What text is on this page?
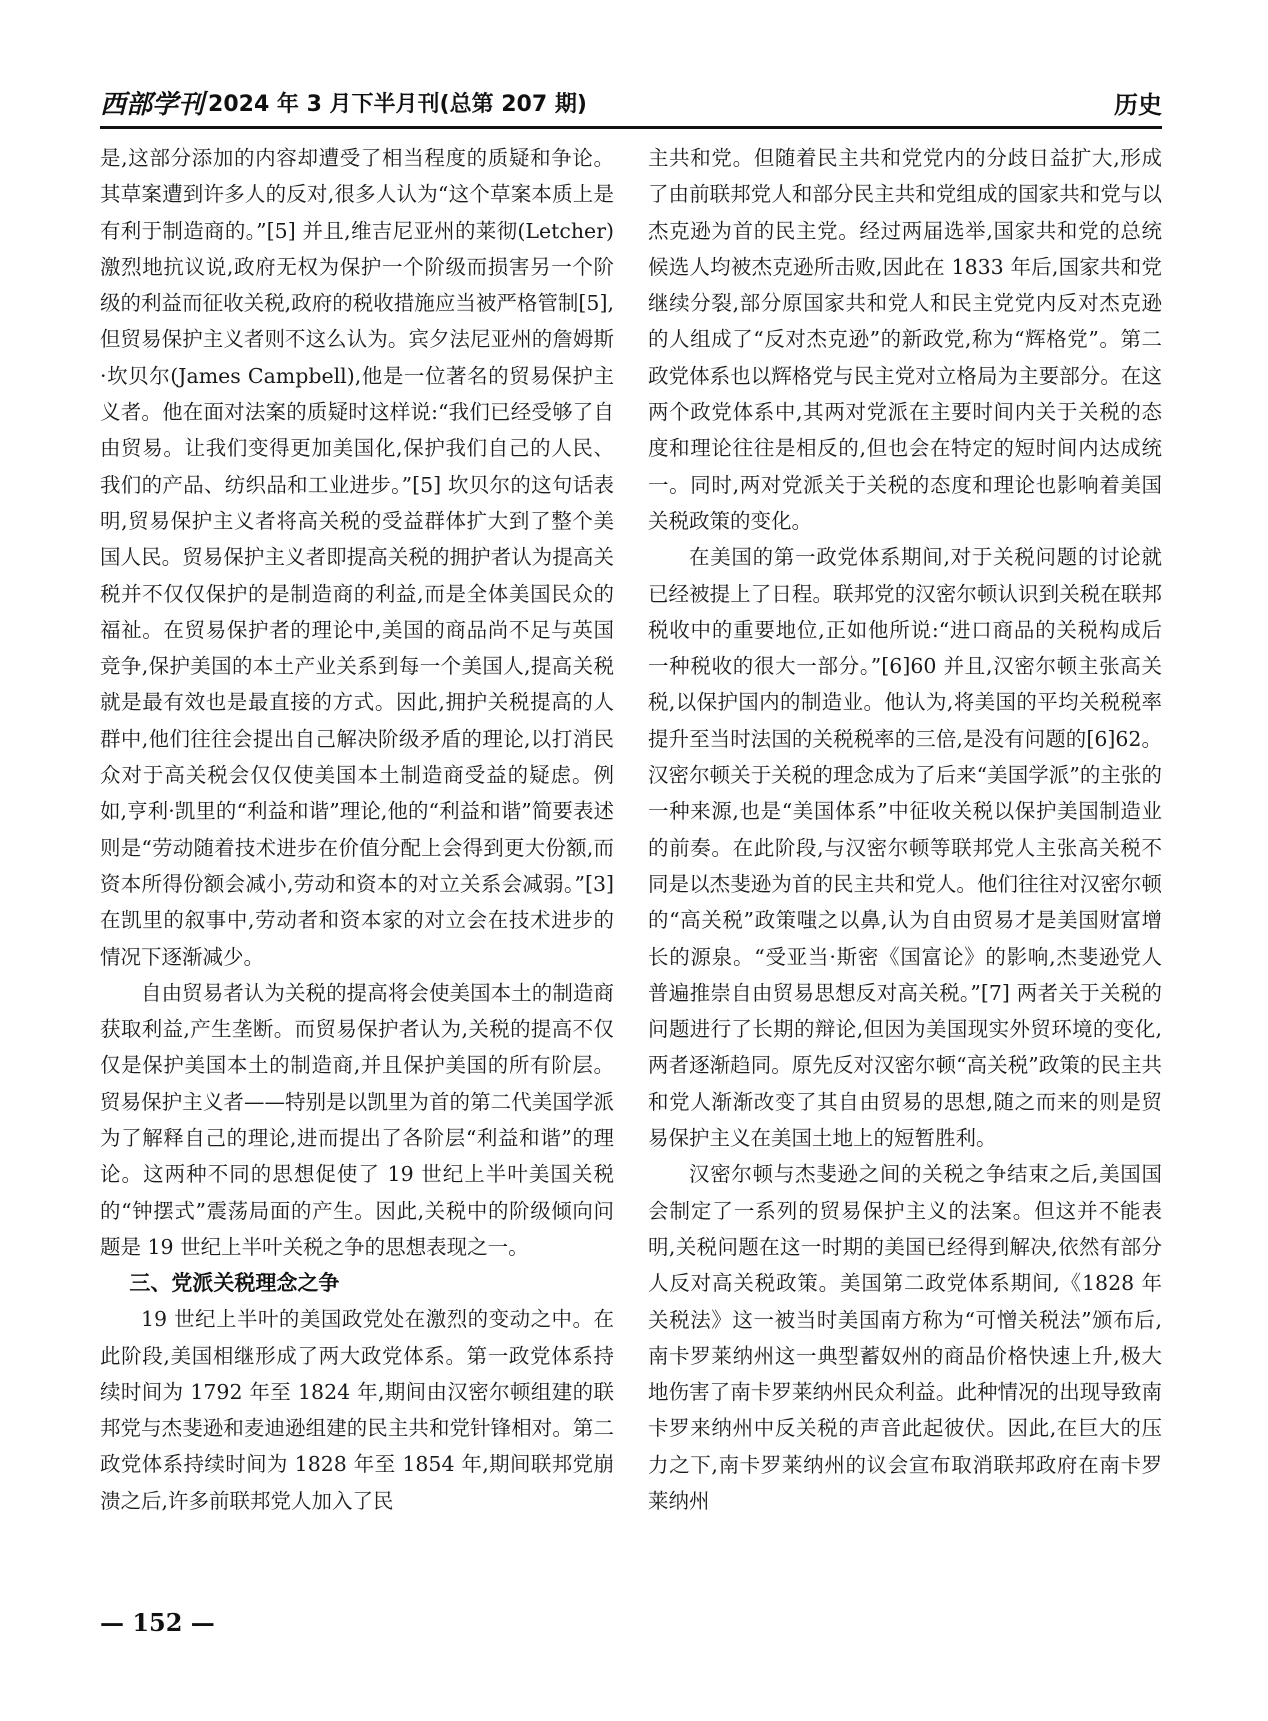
西部学刊 2024 年 3 月下半月刊(总第 207 期)	历史

是,这部分添加的内容却遭受了相当程度的质疑和争论。其草案遭到许多人的反对,很多人认为“这个草案本质上是有利于制造商的。”[5] 并且,维吉尼亚州的莱彻(Letcher)激烈地抗议说,政府无权为保护一个阶级而损害另一个阶级的利益而征收关税,政府的税收措施应当被严格管制[5],但贸易保护主义者则不这么认为。宾夕法尼亚州的詹姆斯·坎贝尔(James Campbell),他是一位著名的贸易保护主义者。他在面对法案的质疑时这样说:“我们已经受够了自由贸易。让我们变得更加美国化,保护我们自己的人民、我们的产品、纺织品和工业进步。”[5] 坎贝尔的这句话表明,贸易保护主义者将高关税的受益群体扩大到了整个美国人民。贸易保护主义者即提高关税的拥护者认为提高关税并不仅仅保护的是制造商的利益,而是全体美国民众的福祉。在贸易保护者的理论中,美国的商品尚不足与英国竞争,保护美国的本土产业关系到每一个美国人,提高关税就是最有效也是最直接的方式。因此,拥护关税提高的人群中,他们往往会提出自己解决阶级矛盾的理论,以打消民众对于高关税会仅仅使美国本土制造商受益的疑虑。例如,亨利·凯里的“利益和谐”理论,他的“利益和谐”简要表述则是“劳动随着技术进步在价值分配上会得到更大份额,而资本所得份额会减小,劳动和资本的对立关系会减弱。”[3] 在凯里的叙事中,劳动者和资本家的对立会在技术进步的情况下逐渐减少。

自由贸易者认为关税的提高将会使美国本土的制造商获取利益,产生垄断。而贸易保护者认为,关税的提高不仅仅是保护美国本土的制造商,并且保护美国的所有阶层。贸易保护主义者——特别是以凯里为首的第二代美国学派为了解释自己的理论,进而提出了各阶层“利益和谐”的理论。这两种不同的思想促使了 19 世纪上半叶美国关税的“钟摆式”震荡局面的产生。因此,关税中的阶级倾向问题是 19 世纪上半叶关税之争的思想表现之一。

三、党派关税理念之争

19 世纪上半叶的美国政党处在激烈的变动之中。在此阶段,美国相继形成了两大政党体系。第一政党体系持续时间为 1792 年至 1824 年,期间由汉密尔顿组建的联邦党与杰斐逊和麦迪逊组建的民主共和党针锋相对。第二政党体系持续时间为 1828 年至 1854 年,期间联邦党崩溃之后,许多前联邦党人加入了民

主共和党。但随着民主共和党党内的分歧日益扩大,形成了由前联邦党人和部分民主共和党组成的国家共和党与以杰克逊为首的民主党。经过两届选举,国家共和党的总统候选人均被杰克逊所击败,因此在 1833 年后,国家共和党继续分裂,部分原国家共和党人和民主党党内反对杰克逊的人组成了“反对杰克逊”的新政党,称为“辉格党”。第二政党体系也以辉格党与民主党对立格局为主要部分。在这两个政党体系中,其两对党派在主要时间内关于关税的态度和理论往往是相反的,但也会在特定的短时间内达成统一。同时,两对党派关于关税的态度和理论也影响着美国关税政策的变化。

在美国的第一政党体系期间,对于关税问题的讨论就已经被提上了日程。联邦党的汉密尔顿认识到关税在联邦税收中的重要地位,正如他所说:“进口商品的关税构成后一种税收的很大一部分。”[6]60 并且,汉密尔顿主张高关税,以保护国内的制造业。他认为,将美国的平均关税税率提升至当时法国的关税税率的三倍,是没有问题的[6]62。汉密尔顿关于关税的理念成为了后来“美国学派”的主张的一种来源,也是“美国体系”中征收关税以保护美国制造业的前奏。在此阶段,与汉密尔顿等联邦党人主张高关税不同是以杰斐逊为首的民主共和党人。他们往往对汉密尔顿的“高关税”政策嗤之以鼻,认为自由贸易才是美国财富增长的源泉。“受亚当·斯密《国富论》的影响,杰斐逊党人普遍推崇自由贸易思想反对高关税。”[7] 两者关于关税的问题进行了长期的辩论,但因为美国现实外贸环境的变化,两者逐渐趋同。原先反对汉密尔顿“高关税”政策的民主共和党人渐渐改变了其自由贸易的思想,随之而来的则是贸易保护主义在美国土地上的短暂胜利。

汉密尔顿与杰斐逊之间的关税之争结束之后,美国国会制定了一系列的贸易保护主义的法案。但这并不能表明,关税问题在这一时期的美国已经得到解决,依然有部分人反对高关税政策。美国第二政党体系期间,《1828 年关税法》这一被当时美国南方称为“可憎关税法”颁布后,南卡罗莱纳州这一典型蓄奴州的商品价格快速上升,极大地伤害了南卡罗莱纳州民众利益。此种情况的出现导致南卡罗来纳州中反关税的声音此起彼伏。因此,在巨大的压力之下,南卡罗莱纳州的议会宣布取消联邦政府在南卡罗莱纳州

— 152 —
